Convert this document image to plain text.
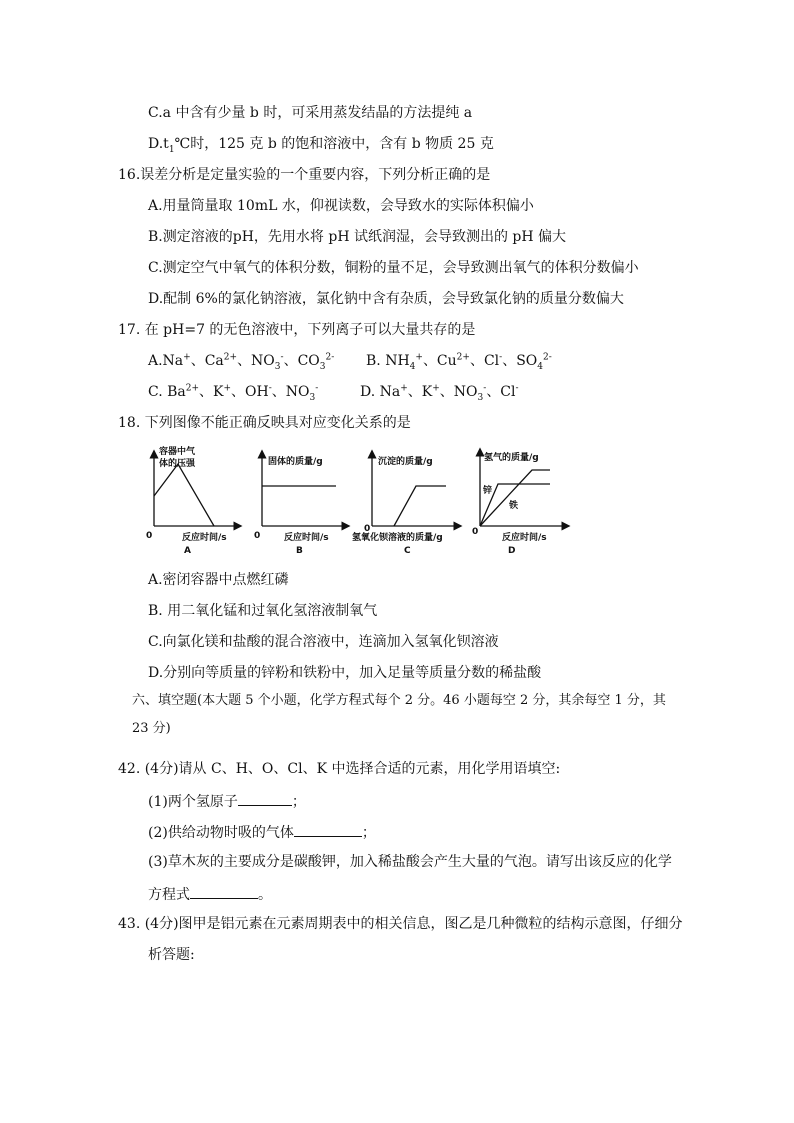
C.a 中含有少量 b 时，可采用蒸发结晶的方法提纯 a
$D.t_1℃$时，125 克 b 的饱和溶液中，含有 b 物质 25 克
16.误差分析是定量实验的一个重要内容，下列分析正确的是
A.用量筒量取 10mL 水，仰视读数，会导致水的实际体积偏小
B.测定溶液的pH，先用水将 pH 试纸润湿，会导致测出的 pH 偏大
C.测定空气中氧气的体积分数，铜粉的量不足，会导致测出氧气的体积分数偏小
D.配制 6%的氯化钠溶液，氯化钠中含有杂质，会导致氯化钠的质量分数偏大
17. 在 pH=7 的无色溶液中，下列离子可以大量共存的是
A.Na+、$Ca^{2+}$、$NO_3^-$、$CO_3^{2-}$ B. $NH_4^+$、$Cu^{2+}$、Cl-、$SO_4^{2-}$
C. $Ba^{2+}$、K+、OH-、$NO_3^-$	D. Na+、K+、$NO_3^-$、Cl-
18. 下列图像不能正确反映具对应变化关系的是
容器中气
体的压强
反应时间/s
0
A
固体的质量/g
反应时间/s
0
B
沉淀的质量/g
氢氧化钡溶液的质量/g
0
C
氢气的质量/g
锌
铁
反应时间/s
0
D
A.密闭容器中点燃红磷
B. 用二氧化锰和过氧化氢溶液制氧气
C.向氯化镁和盐酸的混合溶液中，连滴加入氢氧化钡溶液
D.分别向等质量的锌粉和铁粉中，加入足量等质量分数的稀盐酸
六、填空题(本大题 5 个小题，化学方程式每个 2 分。46 小题每空 2 分，其余每空 1 分，其
23 分)
42. (4分)请从 C、H、O、Cl、K 中选择合适的元素，用化学用语填空:
(1)两个氢原子	；
(2)供给动物时吸的气体	；
(3)草木灰的主要成分是碳酸钾，加入稀盐酸会产生大量的气泡。请写出该反应的化学
方程式	。
43. (4分)图甲是铝元素在元素周期表中的相关信息，图乙是几种微粒的结构示意图，仔细分
析答题:
